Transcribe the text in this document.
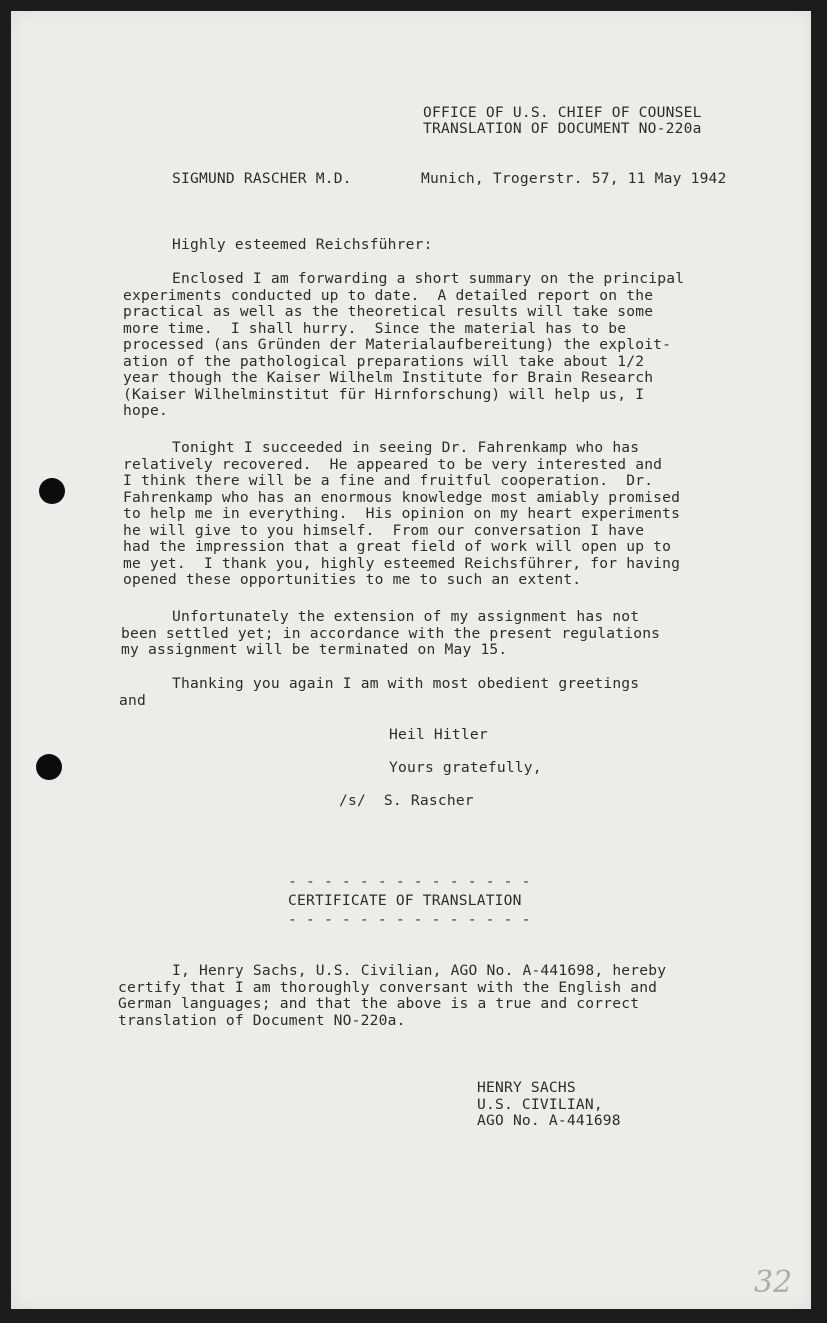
OFFICE OF U.S. CHIEF OF COUNSEL
TRANSLATION OF DOCUMENT NO-220a
SIGMUND RASCHER M.D.	Munich, Trogerstr. 57, 11 May 1942
Highly esteemed Reichsführer:
Enclosed I am forwarding a short summary on the principal
experiments conducted up to date.  A detailed report on the
practical as well as the theoretical results will take some
more time.  I shall hurry.  Since the material has to be
processed (ans Gründen der Materialaufbereitung) the exploit-
ation of the pathological preparations will take about 1/2
year though the Kaiser Wilhelm Institute for Brain Research
(Kaiser Wilhelminstitut für Hirnforschung) will help us, I
hope.
Tonight I succeeded in seeing Dr. Fahrenkamp who has
relatively recovered.  He appeared to be very interested and
I think there will be a fine and fruitful cooperation.  Dr.
Fahrenkamp who has an enormous knowledge most amiably promised
to help me in everything.  His opinion on my heart experiments
he will give to you himself.  From our conversation I have
had the impression that a great field of work will open up to
me yet.  I thank you, highly esteemed Reichsführer, for having
opened these opportunities to me to such an extent.
Unfortunately the extension of my assignment has not
been settled yet; in accordance with the present regulations
my assignment will be terminated on May 15.
Thanking you again I am with most obedient greetings
and
Heil Hitler
Yours gratefully,
/s/  S. Rascher
- - - - - - - - - - - - - -
CERTIFICATE OF TRANSLATION
- - - - - - - - - - - - - -
I, Henry Sachs, U.S. Civilian, AGO No. A-441698, hereby
certify that I am thoroughly conversant with the English and
German languages; and that the above is a true and correct
translation of Document NO-220a.
HENRY SACHS
U.S. CIVILIAN,
AGO No. A-441698
32
